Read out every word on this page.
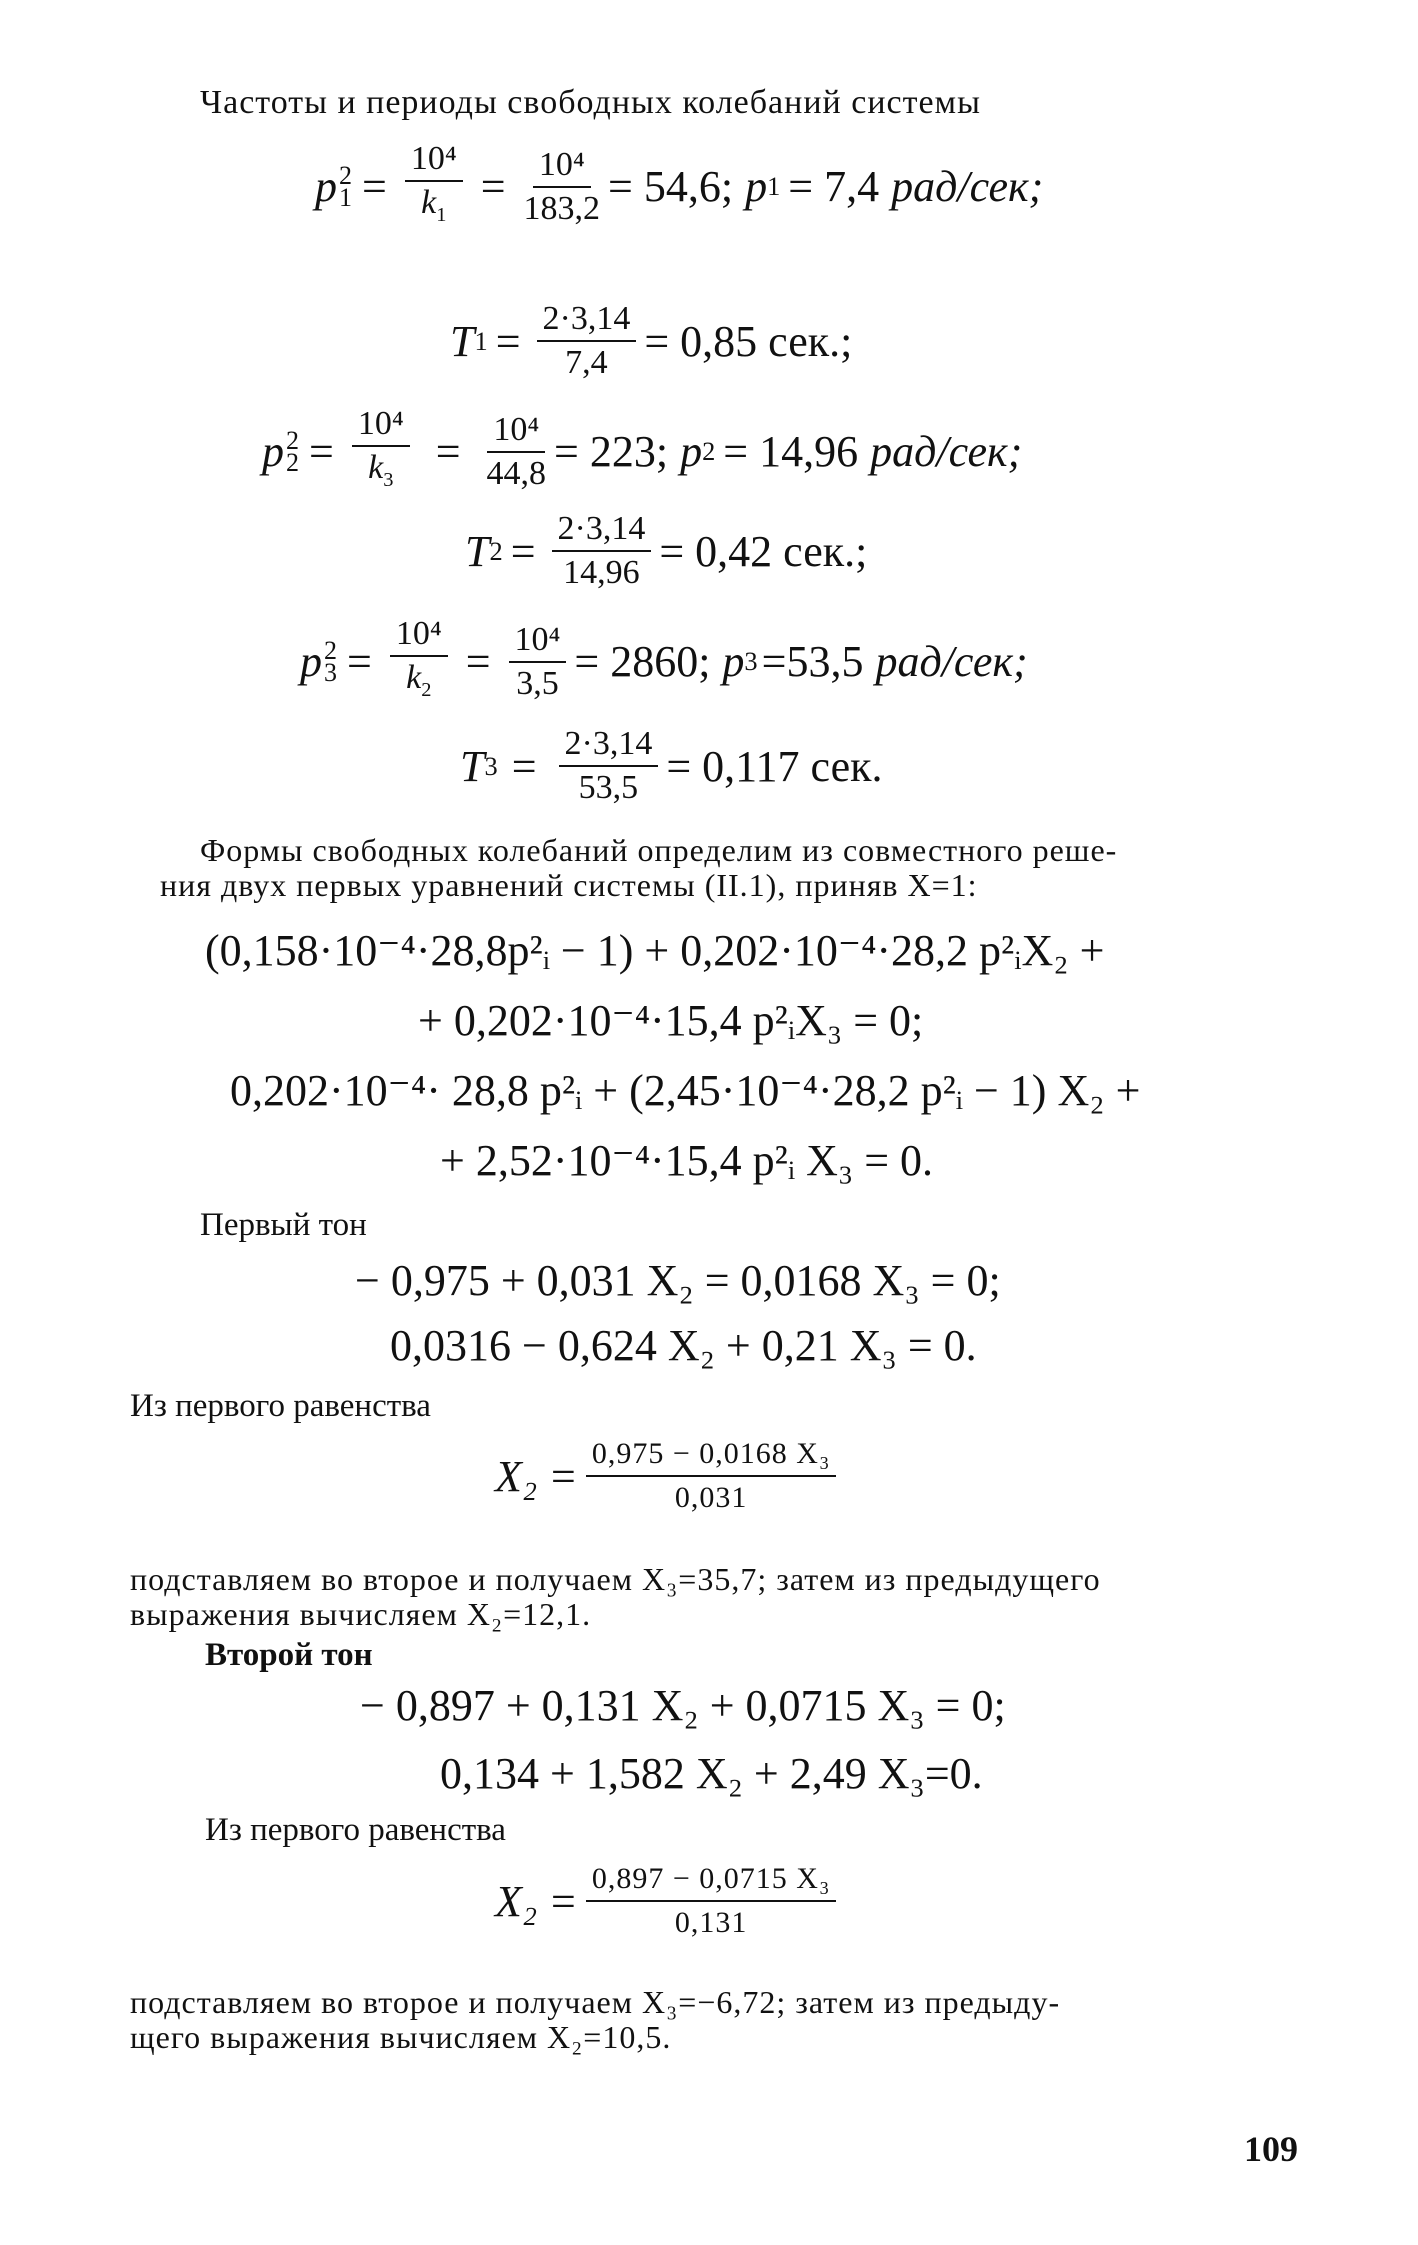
Частоты и периоды свободных колебаний системы
p 2
$1 = \frac{\text{10⁴}}{k_1} = \frac{\text{10⁴}}{183,2} = 54,6$; p 1 = 7,4 рад/сек;
T $1 = \frac{2\cdot 3,14}{7,4} = 0,85$ сек.;
p 2
$2 = \frac{\text{10⁴}}{k_3} = \frac{\text{10⁴}}{44,8} = 223$; p 2 = 14,96 рад/сек;
T $2 = \frac{2\cdot 3,14}{14,96} = 0,42$ сек.;
p 2
$3 = \frac{\text{10⁴}}{k_2} = \frac{\text{10⁴}}{3,5} = 2860$; p 3 =53,5 рад/сек;
T $3 = \frac{2\cdot 3,14}{53,5} = 0,117$ сек.
Формы свободных колебаний определим из совместного реше-
ния двух первых уравнений системы (II.1), приняв X=1:
(0,158·10⁻⁴·28,8p²ᵢ − 1) + 0,202·10⁻⁴·28,2 p²ᵢX₂ +
+ 0,202·10⁻⁴·15,4 p²ᵢX₃ = 0;
0,202·10⁻⁴· 28,8 p²ᵢ + (2,45·10⁻⁴·28,2 p²ᵢ − 1) X₂ +
+ 2,52·10⁻⁴·15,4 p²ᵢ X₃ = 0.
Первый тон
− 0,975 + 0,031 X₂ = 0,0168 X₃ = 0;
0,0316 − 0,624 X₂ + 0,21 X₃ = 0.
Из первого равенства
$X_2 = \frac{\text{0,975 − 0,0168 X₃}}{0,031}$
подставляем во второе и получаем X₃=35,7; затем из предыдущего
выражения вычисляем X₂=12,1.
Второй тон
− 0,897 + 0,131 X₂ + 0,0715 X₃ = 0;
0,134 + 1,582 X₂ + 2,49 X₃=0.
Из первого равенства
$X_2 = \frac{\text{0,897 − 0,0715 X₃}}{0,131}$
подставляем во второе и получаем X₃=−6,72; затем из предыду-
щего выражения вычисляем X₂=10,5.
109
